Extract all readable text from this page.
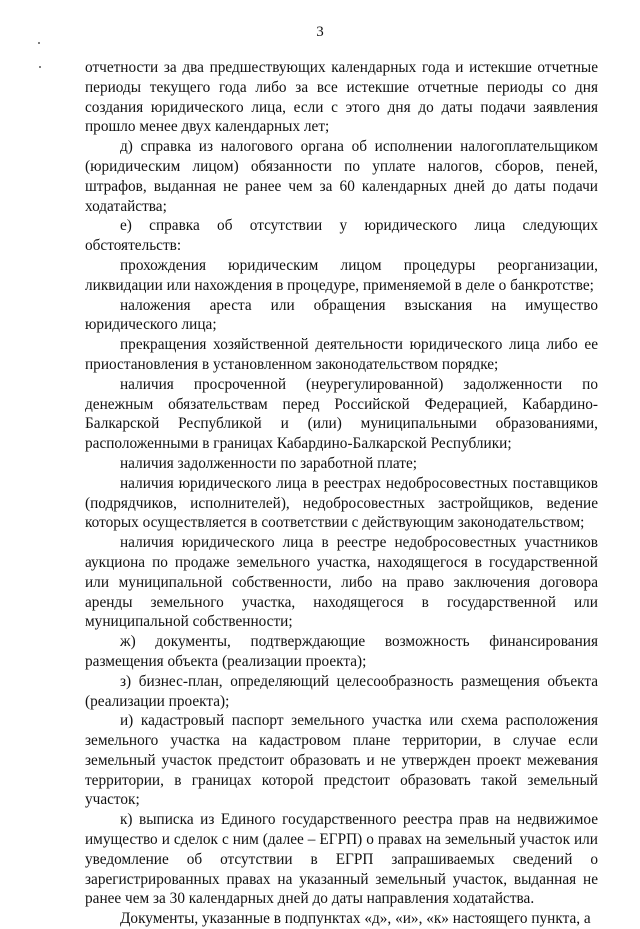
3

отчетности за два предшествующих календарных года и истекшие отчетные периоды текущего года либо за все истекшие отчетные периоды со дня создания юридического лица, если с этого дня до даты подачи заявления прошло менее двух календарных лет;

д) справка из налогового органа об исполнении налогоплательщиком (юридическим лицом) обязанности по уплате налогов, сборов, пеней, штрафов, выданная не ранее чем за 60 календарных дней до даты подачи ходатайства;

е) справка об отсутствии у юридического лица следующих обстоятельств:

прохождения юридическим лицом процедуры реорганизации, ликвидации или нахождения в процедуре, применяемой в деле о банкротстве;

наложения ареста или обращения взыскания на имущество юридического лица;

прекращения хозяйственной деятельности юридического лица либо ее приостановления в установленном законодательством порядке;

наличия просроченной (неурегулированной) задолженности по денежным обязательствам перед Российской Федерацией, Кабардино-Балкарской Республикой и (или) муниципальными образованиями, расположенными в границах Кабардино-Балкарской Республики;

наличия задолженности по заработной плате;

наличия юридического лица в реестрах недобросовестных поставщиков (подрядчиков, исполнителей), недобросовестных застройщиков, ведение которых осуществляется в соответствии с действующим законодательством;

наличия юридического лица в реестре недобросовестных участников аукциона по продаже земельного участка, находящегося в государственной или муниципальной собственности, либо на право заключения договора аренды земельного участка, находящегося в государственной или муниципальной собственности;

ж) документы, подтверждающие возможность финансирования размещения объекта (реализации проекта);

з) бизнес-план, определяющий целесообразность размещения объекта (реализации проекта);

и) кадастровый паспорт земельного участка или схема расположения земельного участка на кадастровом плане территории, в случае если земельный участок предстоит образовать и не утвержден проект межевания территории, в границах которой предстоит образовать такой земельный участок;

к) выписка из Единого государственного реестра прав на недвижимое имущество и сделок с ним (далее – ЕГРП) о правах на земельный участок или уведомление об отсутствии в ЕГРП запрашиваемых сведений о зарегистрированных правах на указанный земельный участок, выданная не ранее чем за 30 календарных дней до даты направления ходатайства.

Документы, указанные в подпунктах «д», «и», «к» настоящего пункта, а
